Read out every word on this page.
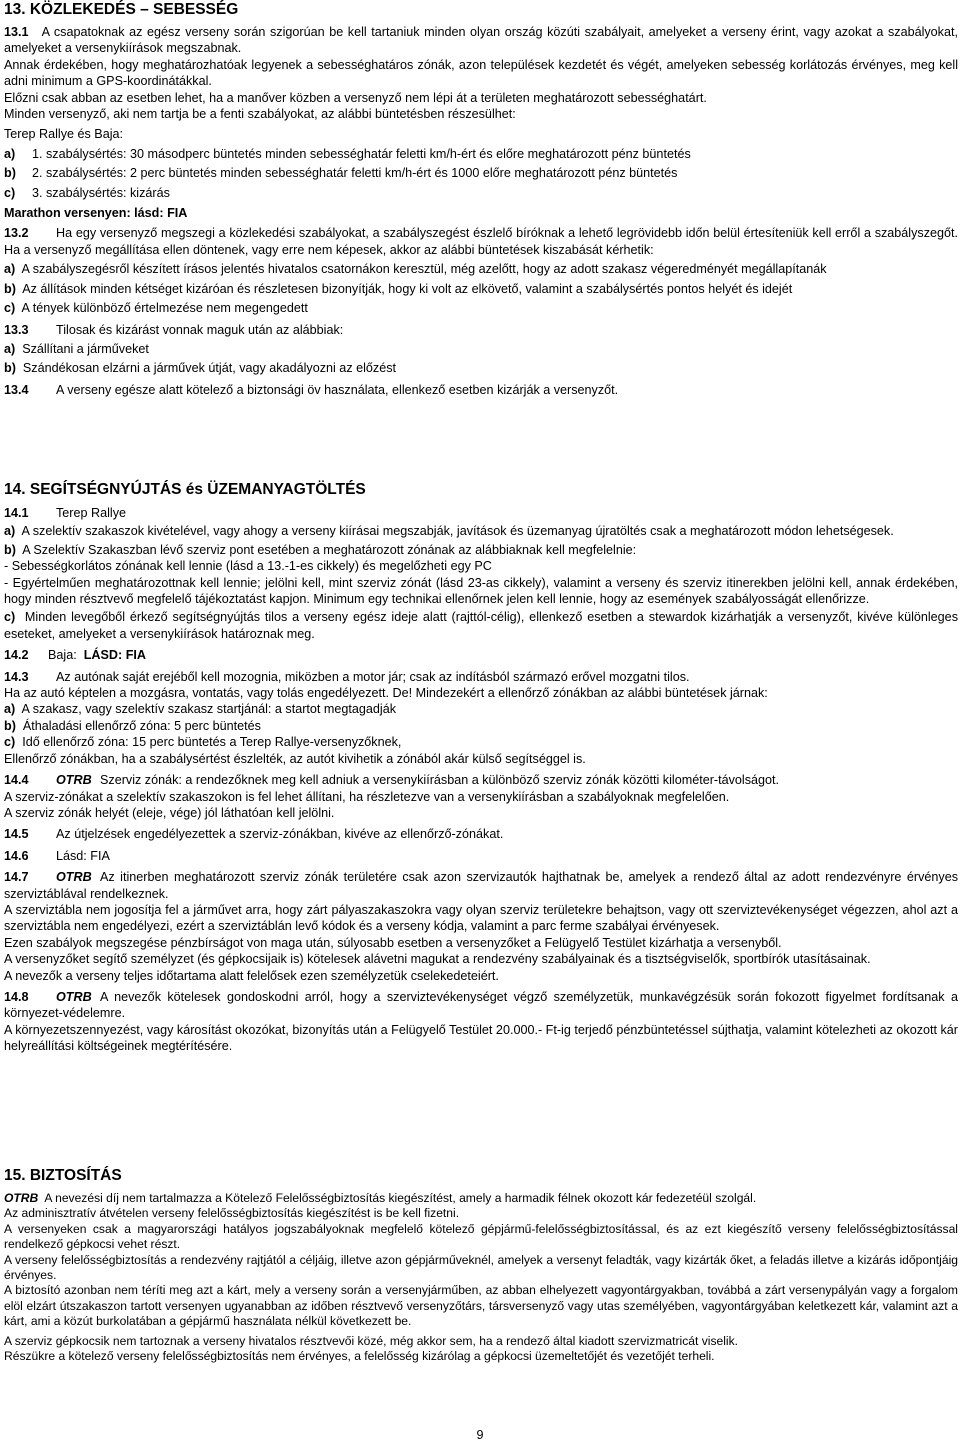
13. KÖZLEKEDÉS – SEBESSÉG

13.1 A csapatoknak az egész verseny során szigorúan be kell tartaniuk minden olyan ország közúti szabályait, amelyeket a verseny érint, vagy azokat a szabályokat, amelyeket a versenykiírások megszabnak.

Annak érdekében, hogy meghatározhatóak legyenek a sebességhatáros zónák, azon települések kezdetét és végét, amelyeken sebesség korlátozás érvényes, meg kell adni minimum a GPS-koordinátákkal.

Előzni csak abban az esetben lehet, ha a manőver közben a versenyző nem lépi át a területen meghatározott sebességhatárt.

Minden versenyző, aki nem tartja be a fenti szabályokat, az alábbi büntetésben részesülhet:

Terep Rallye és Baja:

a) 1. szabálysértés: 30 másodperc büntetés minden sebességhatár feletti km/h-ért és előre meghatározott pénz büntetés

b) 2. szabálysértés: 2 perc büntetés minden sebességhatár feletti km/h-ért és 1000 előre meghatározott pénz büntetés

c) 3. szabálysértés: kizárás

Marathon versenyen: lásd: FIA

13.2 Ha egy versenyző megszegi a közlekedési szabályokat, a szabályszegést észlelő bíróknak a lehető legrövidebb időn belül értesíteniük kell erről a szabályszegőt. Ha a versenyző megállítása ellen döntenek, vagy erre nem képesek, akkor az alábbi büntetések kiszabását kérhetik:

a) A szabályszegésről készített írásos jelentés hivatalos csatornákon keresztül, még azelőtt, hogy az adott szakasz végeredményét megállapítanák

b) Az állítások minden kétséget kizáróan és részletesen bizonyítják, hogy ki volt az elkövető, valamint a szabálysértés pontos helyét és idejét

c) A tények különböző értelmezése nem megengedett

13.3 Tilosak és kizárást vonnak maguk után az alábbiak:

a) Szállítani a járműveket

b) Szándékosan elzárni a járművek útját, vagy akadályozni az előzést

13.4 A verseny egésze alatt kötelező a biztonsági öv használata, ellenkező esetben kizárják a versenyzőt.

14. SEGÍTSÉGNYÚJTÁS és ÜZEMANYAGTÖLTÉS

14.1 Terep Rallye

a) A szelektív szakaszok kivételével, vagy ahogy a verseny kiírásai megszabják, javítások és üzemanyag újratöltés csak a meghatározott módon lehetségesek.

b) A Szelektív Szakaszban lévő szerviz pont esetében a meghatározott zónának az alábbiaknak kell megfelelnie:

- Sebességkorlátos zónának kell lennie (lásd a 13.-1-es cikkely) és megelőzheti egy PC

- Egyértelműen meghatározottnak kell lennie; jelölni kell, mint szerviz zónát (lásd 23-as cikkely), valamint a verseny és szerviz itinerekben jelölni kell, annak érdekében, hogy minden résztvevő megfelelő tájékoztatást kapjon. Minimum egy technikai ellenőrnek jelen kell lennie, hogy az események szabályosságát ellenőrizze.

c) Minden levegőből érkező segítségnyújtás tilos a verseny egész ideje alatt (rajttól-célig), ellenkező esetben a stewardok kizárhatják a versenyzőt, kivéve különleges eseteket, amelyeket a versenykiírások határoznak meg.

14.2 Baja: LÁSD: FIA

14.3 Az autónak saját erejéből kell mozognia, miközben a motor jár; csak az indításból származó erővel mozgatni tilos.

Ha az autó képtelen a mozgásra, vontatás, vagy tolás engedélyezett. De! Mindezekért a ellenőrző zónákban az alábbi büntetések járnak:

a) A szakasz, vagy szelektív szakasz startjánál: a startot megtagadják

b) Áthaladási ellenőrző zóna: 5 perc büntetés

c) Idő ellenőrző zóna: 15 perc büntetés a Terep Rallye-versenyzőknek,

Ellenőrző zónákban, ha a szabálysértést észlelték, az autót kivihetik a zónából akár külső segítséggel is.

14.4 OTRB Szerviz zónák: a rendezőknek meg kell adniuk a versenykiírásban a különböző szerviz zónák közötti kilométer-távolságot.

A szerviz-zónákat a szelektív szakaszokon is fel lehet állítani, ha részletezve van a versenykiírásban a szabályoknak megfelelően.

A szerviz zónák helyét (eleje, vége) jól láthatóan kell jelölni.

14.5 Az útjelzések engedélyezettek a szerviz-zónákban, kivéve az ellenőrző-zónákat.

14.6 Lásd: FIA

14.7 OTRB Az itinerben meghatározott szerviz zónák területére csak azon szervizautók hajthatnak be, amelyek a rendező által az adott rendezvényre érvényes szerviztáblával rendelkeznek.

A szerviztábla nem jogosítja fel a járművet arra, hogy zárt pályaszakaszokra vagy olyan szerviz területekre behajtson, vagy ott szerviztevékenységet végezzen, ahol azt a szerviztábla nem engedélyezi, ezért a szerviztáblán levő kódok és a verseny kódja, valamint a parc ferme szabályai érvényesek.

Ezen szabályok megszegése pénzbírságot von maga után, súlyosabb esetben a versenyzőket a Felügyelő Testület kizárhatja a versenyből.

A versenyzőket segítő személyzet (és gépkocsijaik is) kötelesek alávetni magukat a rendezvény szabályainak és a tisztségviselők, sportbírók utasításainak.

A nevezők a verseny teljes időtartama alatt felelősek ezen személyzetük cselekedeteiért.

14.8 OTRB A nevezők kötelesek gondoskodni arról, hogy a szerviztevékenységet végző személyzetük, munkavégzésük során fokozott figyelmet fordítsanak a környezet-védelemre.

A környezetszennyezést, vagy károsítást okozókat, bizonyítás után a Felügyelő Testület 20.000.- Ft-ig terjedő pénzbüntetéssel sújthatja, valamint kötelezheti az okozott kár helyreállítási költségeinek megtérítésére.

15. BIZTOSÍTÁS

OTRB A nevezési díj nem tartalmazza a Kötelező Felelősségbiztosítás kiegészítést, amely a harmadik félnek okozott kár fedezetéül szolgál.

Az adminisztratív átvételen verseny felelősségbiztosítás kiegészítést is be kell fizetni.

A versenyeken csak a magyarországi hatályos jogszabályoknak megfelelő kötelező gépjármű-felelősségbiztosítással, és az ezt kiegészítő verseny felelősségbiztosítással rendelkező gépkocsi vehet részt.

A verseny felelősségbiztosítás a rendezvény rajtjától a céljáig, illetve azon gépjárműveknél, amelyek a versenyt feladták, vagy kizárták őket, a feladás illetve a kizárás időpontjáig érvényes.

A biztosító azonban nem téríti meg azt a kárt, mely a verseny során a versenyjárműben, az abban elhelyezett vagyontárgyakban, továbbá a zárt versenypályán vagy a forgalom elöl elzárt útszakaszon tartott versenyen ugyanabban az időben résztvevő versenyzőtárs, társversenyző vagy utas személyében, vagyontárgyában keletkezett kár, valamint azt a kárt, ami a közút burkolatában a gépjármű használata nélkül következett be.

A szerviz gépkocsik nem tartoznak a verseny hivatalos résztvevői közé, még akkor sem, ha a rendező által kiadott szervizmatricát viselik.

Részükre a kötelező verseny felelősségbiztosítás nem érvényes, a felelősség kizárólag a gépkocsi üzemeltetőjét és vezetőjét terheli.

9
